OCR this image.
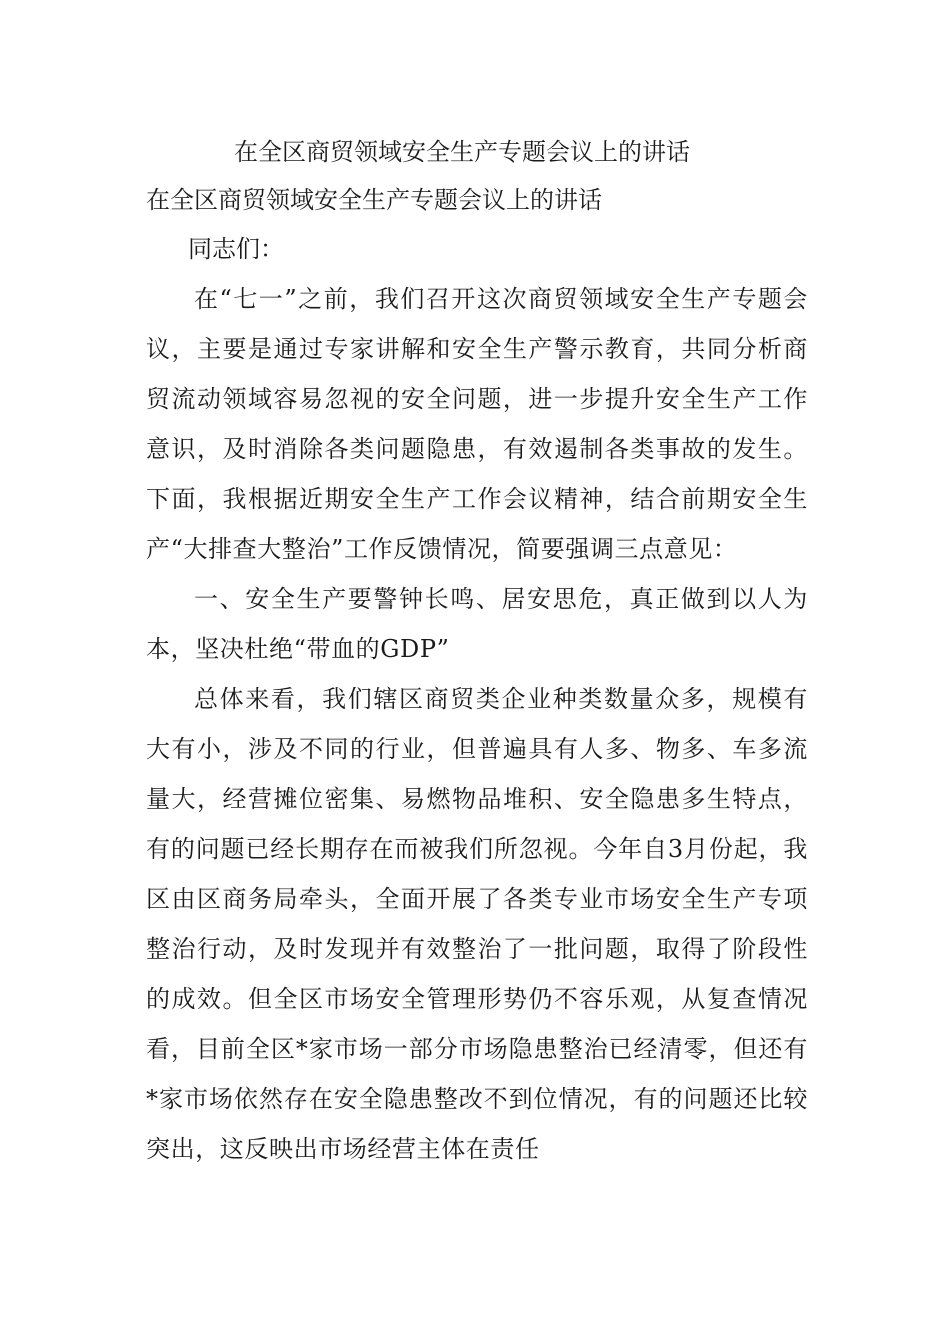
在全区商贸领域安全生产专题会议上的讲话
在全区商贸领域安全生产专题会议上的讲话

同志们：

在“七一”之前，我们召开这次商贸领域安全生产专题会议，主要是通过专家讲解和安全生产警示教育，共同分析商贸流动领域容易忽视的安全问题，进一步提升安全生产工作意识，及时消除各类问题隐患，有效遏制各类事故的发生。下面，我根据近期安全生产工作会议精神，结合前期安全生产“大排查大整治”工作反馈情况，简要强调三点意见：

一、安全生产要警钟长鸣、居安思危，真正做到以人为本，坚决杜绝“带血的GDP”

总体来看，我们辖区商贸类企业种类数量众多，规模有大有小，涉及不同的行业，但普遍具有人多、物多、车多流量大，经营摊位密集、易燃物品堆积、安全隐患多生特点，有的问题已经长期存在而被我们所忽视。今年自3月份起，我区由区商务局牵头，全面开展了各类专业市场安全生产专项整治行动，及时发现并有效整治了一批问题，取得了阶段性的成效。但全区市场安全管理形势仍不容乐观，从复查情况看，目前全区*家市场一部分市场隐患整治已经清零，但还有*家市场依然存在安全隐患整改不到位情况，有的问题还比较突出，这反映出市场经营主体在责任
